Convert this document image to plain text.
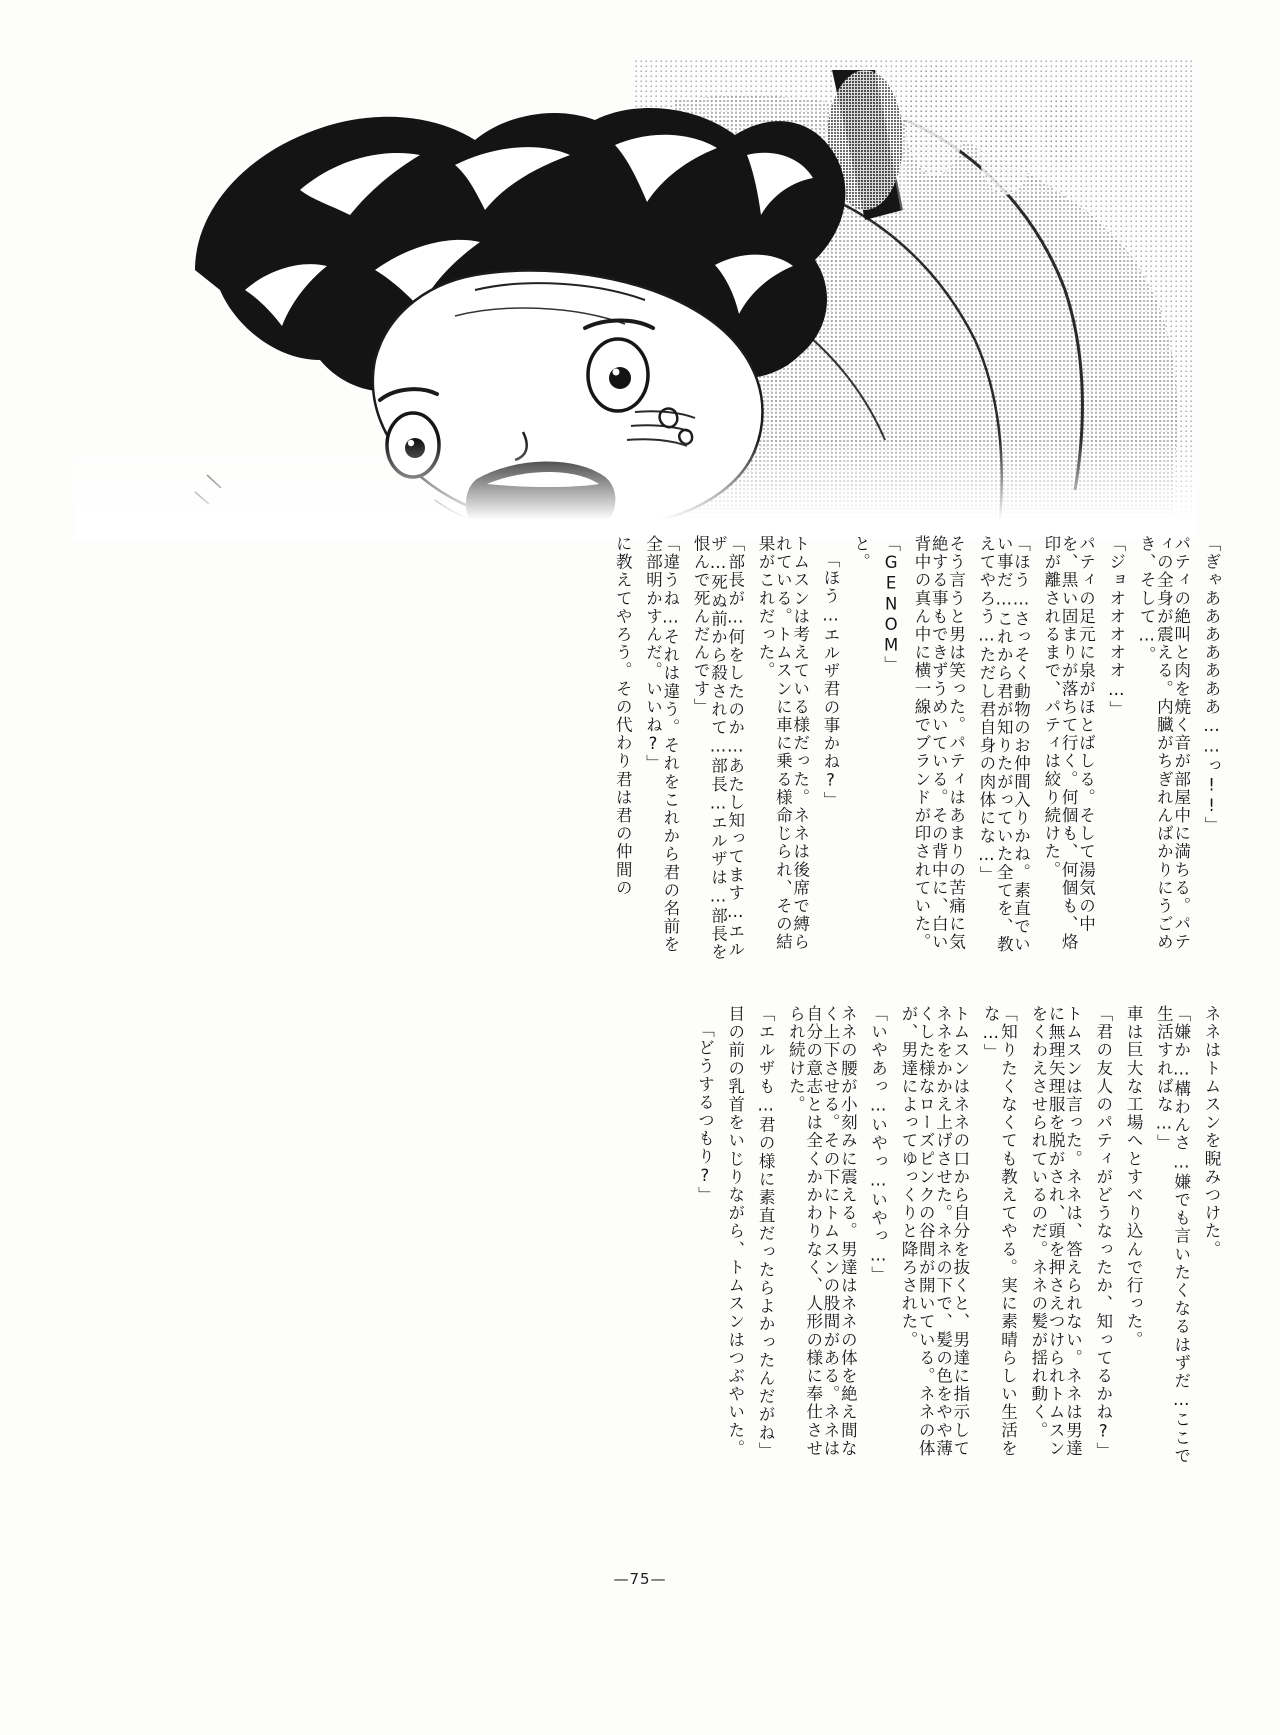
「ぎゃあああああああ……っ!!」
パティの絶叫と肉を焼く音が部屋中に満ちる。パティの全身が震える。内臓がちぎれんばかりにうごめき、そして…。
「ジョオオオオオ…」
パティの足元に泉がほとばしる。そして湯気の中を、黒い固まりが落ちて行く。何個も、何個も、烙印が離されるまで、パティは絞り続けた。
「ほう…さっそく動物のお仲間入りかね。素直でいい事だ…これから君が知りたがっていた全てを、教えてやろう…ただし君自身の肉体にな…」
そう言うと男は笑った。パティはあまりの苦痛に気絶する事もできずうめいている。その背中に、白い背中の真ん中に横一線でブランドが印されていた。
「GENOM」
と。
「ほう…エルザ君の事かね?」
トムスンは考えている様だった。ネネは後席で縛られている。トムスンに車に乗る様命じられ、その結果がこれだった。
「部長が…何をしたのか…あたし知ってます…エルザ…死ぬ前から殺されて…部長…エルザは…部長を恨んで死んだんです」
「違うね…それは違う。それをこれから君の名前を全部明かすんだ。いいね?」
に教えてやろう。その代わり君は君の仲間の
ネネはトムスンを睨みつけた。
「嫌か…構わんさ…嫌でも言いたくなるはずだ…ここで生活すればな…」
車は巨大な工場へとすべり込んで行った。
「君の友人のパティがどうなったか、知ってるかね?」
トムスンは言った。ネネは、答えられない。ネネは男達に無理矢理服を脱がされ、頭を押さえつけられトムスンをくわえさせられているのだ。ネネの髪が揺れ動く。
「知りたくなくても教えてやる。実に素晴らしい生活をな…」
トムスンはネネの口から自分を抜くと、男達に指示してネネをかかえ上げさせた。ネネの下で、髪の色をやや薄くした様なローズピンクの谷間が開いている。ネネの体が、男達によってゆっくりと降ろされた。
「いやあっ…いやっ…いやっ…」
ネネの腰が小刻みに震える。男達はネネの体を絶え間なく上下させる。その下にトムスンの股間がある。ネネは自分の意志とは全くかかわりなく、人形の様に奉仕させられ続けた。
「エルザも…君の様に素直だったらよかったんだがね」
目の前の乳首をいじりながら、トムスンはつぶやいた。
「どうするつもり?」
—75—
